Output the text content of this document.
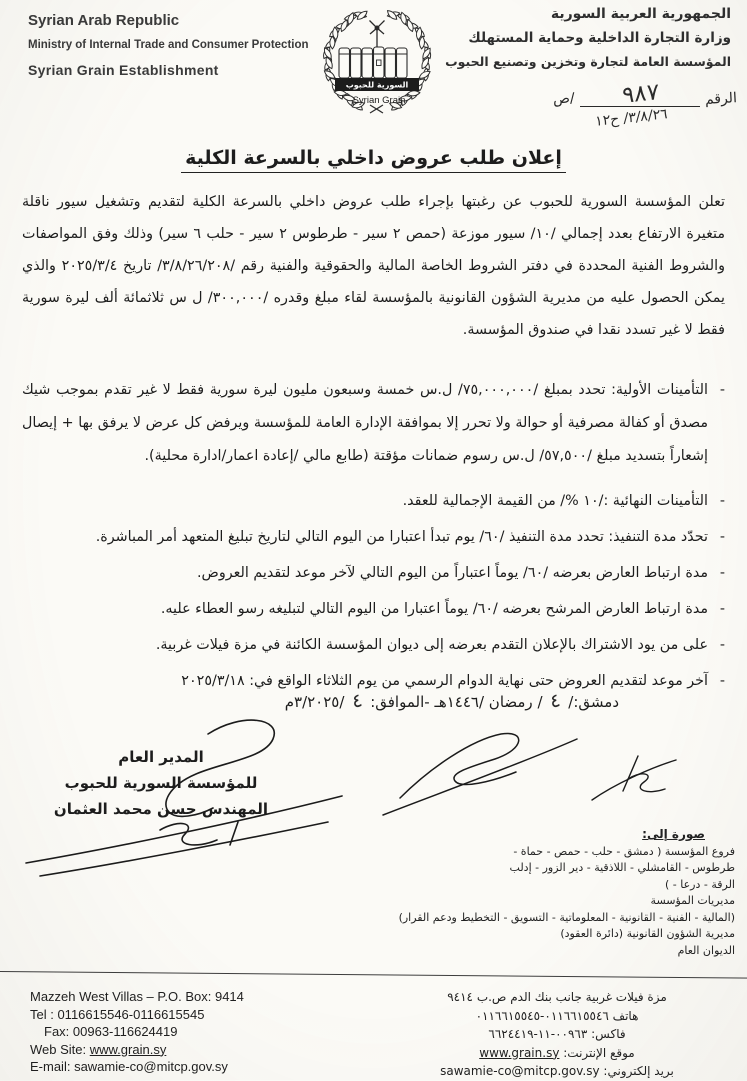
Syrian Arab Republic
Ministry of Internal Trade and Consumer Protection
Syrian Grain Establishment
السورية للحبوب
Syrian Grain
الجمهورية العربية السورية
وزارة التجارة الداخلية وحماية المستهلك
المؤسسة العامة لتجارة وتخزين وتصنيع الحبوب
الرقم
٩٨٧
/ص
٣/٨/٢٦/ ح١٢
إعلان طلب عروض داخلي بالسرعة الكلية
تعلن المؤسسة السورية للحبوب عن رغبتها بإجراء طلب عروض داخلي بالسرعة الكلية لتقديم وتشغيل سيور ناقلة متغيرة الارتفاع بعدد إجمالي /١٠/ سيور موزعة (حمص ٢ سير - طرطوس ٢ سير - حلب ٦ سير) وذلك وفق المواصفات والشروط الفنية المحددة في دفتر الشروط الخاصة المالية والحقوقية والفنية رقم /٣/٨/٢٦/٢٠٨/ تاريخ ٢٠٢٥/٣/٤ والذي يمكن الحصول عليه من مديرية الشؤون القانونية بالمؤسسة لقاء مبلغ وقدره /٣٠٠,٠٠٠/ ل س ثلاثمائة ألف ليرة سورية فقط لا غير تسدد نقدا في صندوق المؤسسة.
-
التأمينات الأولية: تحدد بمبلغ /٧٥,٠٠٠,٠٠٠/ ل.س خمسة وسبعون مليون ليرة سورية فقط لا غير تقدم بموجب شيك مصدق أو كفالة مصرفية أو حوالة ولا تحرر إلا بموافقة الإدارة العامة للمؤسسة ويرفض كل عرض لا يرفق بها + إيصال إشعاراً بتسديد مبلغ /٥٧,٥٠٠/ ل.س رسوم ضمانات مؤقتة (طابع مالي /إعادة اعمار/ادارة محلية).
-
التأمينات النهائية :/١٠ %/ من القيمة الإجمالية للعقد.
-
تحدّد مدة التنفيذ: تحدد مدة التنفيذ /٦٠/ يوم تبدأ اعتبارا من اليوم التالي لتاريخ تبليغ المتعهد أمر المباشرة.
-
مدة ارتباط العارض بعرضه /٦٠/ يوماً اعتباراً من اليوم التالي لآخر موعد لتقديم العروض.
-
مدة ارتباط العارض المرشح بعرضه /٦٠/ يوماً اعتبارا من اليوم التالي لتبليغه رسو العطاء عليه.
-
على من يود الاشتراك بالإعلان التقدم بعرضه إلى ديوان المؤسسة الكائنة في مزة فيلات غربية.
-
آخر موعد لتقديم العروض حتى نهاية الدوام الرسمي من يوم الثلاثاء الواقع في: ٢٠٢٥/٣/١٨
دمشق:/ ٤ / رمضان /١٤٤٦هـ -الموافق: ٤ /٣/٢٠٢٥م
المدير العام
للمؤسسة السورية للحبوب
المهندس حسن محمد العثمان
صورة إلى:
فروع المؤسسة ( دمشق - حلب - حمص - حماة -
طرطوس - القامشلي - اللاذقية - دير الزور - إدلب
الرقة - درعا - )
مديريات المؤسسة
(المالية - الفنية - القانونية - المعلوماتية - التسويق - التخطيط ودعم القرار)
مديرية الشؤون القانونية (دائرة العقود)
الديوان العام
Mazzeh West Villas – P.O. Box: 9414
Tel : 0116615546-0116615545
Fax: 00963-116624419
Web Site: www.grain.sy
E-mail: sawamie-co@mitcp.gov.sy
مزة فيلات غربية جانب بنك الدم ص.ب ٩٤١٤
هاتف ٠١١٦٦١٥٥٤٦-٠١١٦٦١٥٥٤٥
فاكس: ٠٠٩٦٣-١١-٦٦٢٤٤١٩
موقع الإنترنت: www.grain.sy
بريد إلكتروني: sawamie-co@mitcp.gov.sy
